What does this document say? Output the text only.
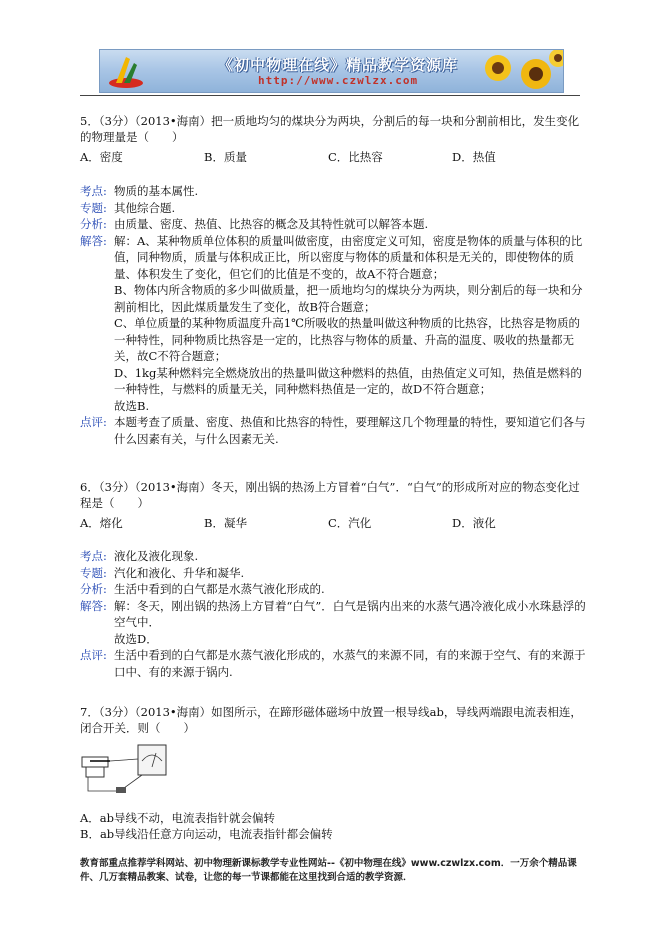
《初中物理在线》精品教学资源库
http://www.czwlzx.com

5．（3分）（2013•海南）把一质地均匀的煤块分为两块，分割后的每一块和分割前相比，发生变化的物理量是（　　）

A．密度	B．质量	C．比热容	D．热值
考点: 物质的基本属性.

专题: 其他综合题.

分析: 由质量、密度、热值、比热容的概念及其特性就可以解答本题.

解答: 解：A、某种物质单位体积的质量叫做密度，由密度定义可知，密度是物体的质量与体积的比值，同种物质，质量与体积成正比，所以密度与物体的质量和体积是无关的，即使物体的质量、体积发生了变化，但它们的比值是不变的，故A不符合题意；

B、物体内所含物质的多少叫做质量，把一质地均匀的煤块分为两块，则分割后的每一块和分割前相比，因此煤质量发生了变化，故B符合题意；

C、单位质量的某种物质温度升高1℃所吸收的热量叫做这种物质的比热容，比热容是物质的一种特性，同种物质比热容是一定的，比热容与物体的质量、升高的温度、吸收的热量都无关，故C不符合题意；

D、1kg某种燃料完全燃烧放出的热量叫做这种燃料的热值，由热值定义可知，热值是燃料的一种特性，与燃料的质量无关，同种燃料热值是一定的，故D不符合题意；

故选B.

点评: 本题考查了质量、密度、热值和比热容的特性，要理解这几个物理量的特性，要知道它们各与什么因素有关，与什么因素无关.

6．（3分）（2013•海南）冬天，刚出锅的热汤上方冒着“白气”．“白气”的形成所对应的物态变化过程是（　　）

A．熔化	B．凝华	C．汽化	D．液化
考点: 液化及液化现象.

专题: 汽化和液化、升华和凝华.

分析: 生活中看到的白气都是水蒸气液化形成的.

解答: 解：冬天，刚出锅的热汤上方冒着“白气”．白气是锅内出来的水蒸气遇冷液化成小水珠悬浮的空气中．

故选D．

点评: 生活中看到的白气都是水蒸气液化形成的，水蒸气的来源不同，有的来源于空气、有的来源于口中、有的来源于锅内.

7．（3分）（2013•海南）如图所示，在蹄形磁体磁场中放置一根导线ab，导线两端跟电流表相连，闭合开关．则（　　）

A．ab导线不动，电流表指针就会偏转
B．ab导线沿任意方向运动，电流表指针都会偏转
教育部重点推荐学科网站、初中物理新课标教学专业性网站--《初中物理在线》www.czwlzx.com．一万余个精品课件、几万套精品教案、试卷，让您的每一节课都能在这里找到合适的教学资源．
